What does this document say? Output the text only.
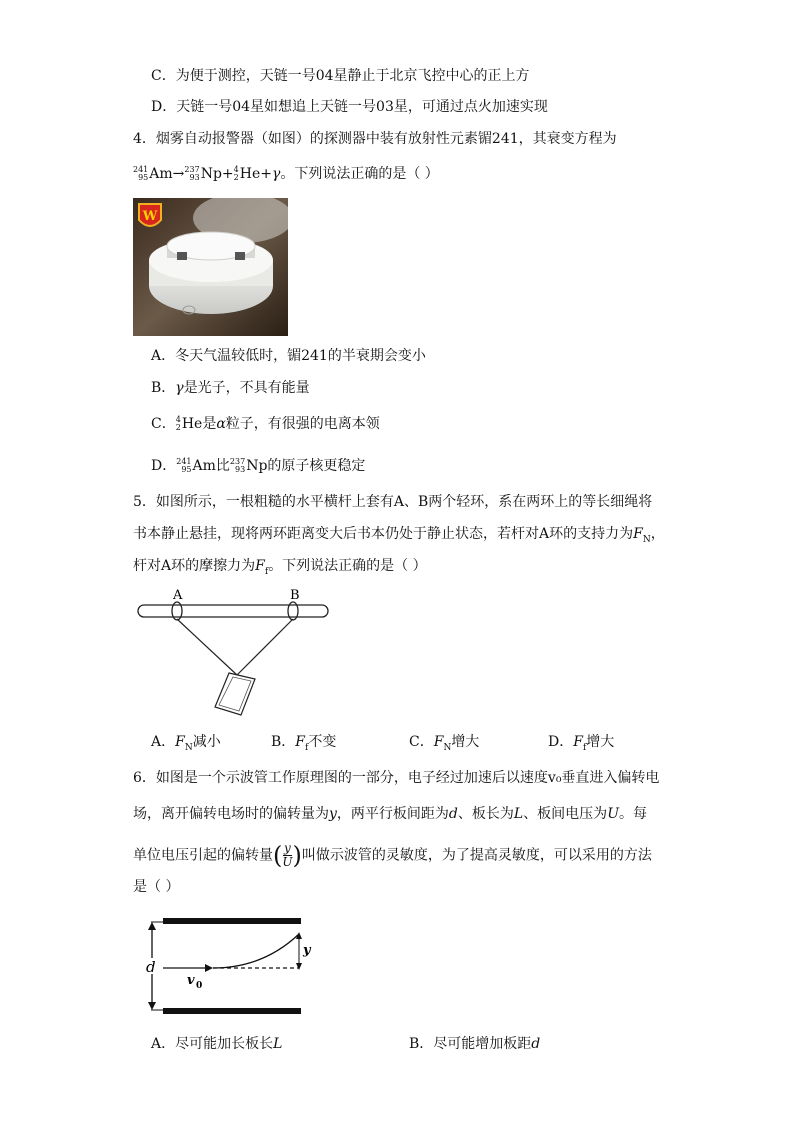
C．为便于测控，天链一号04星静止于北京飞控中心的正上方
D．天链一号04星如想追上天链一号03星，可通过点火加速实现
4．烟雾自动报警器（如图）的探测器中装有放射性元素镅241，其衰变方程为
241
95 Am→ 237
93 Np+ 4
2 He+γ。下列说法正确的是（ ）
W
A．冬天气温较低时，镅241的半衰期会变小
B．γ是光子，不具有能量
C． 4
2 He是α粒子，有很强的电离本领
D． 241
95 Am比 237
93 Np的原子核更稳定
5．如图所示，一根粗糙的水平横杆上套有A、B两个轻环，系在两环上的等长细绳将
书本静止悬挂，现将两环距离变大后书本仍处于静止状态，若杆对A环的支持力为$F_N$，
杆对A环的摩擦力为$F_f$。下列说法正确的是（ ）
A	B
A．$F_N$减小	B．$F_f$不变	C．$F_N$增大	D．$F_f$增大
6．如图是一个示波管工作原理图的一部分，电子经过加速后以速度v₀垂直进入偏转电
场，离开偏转电场时的偏转量为y，两平行板间距为d、板长为L、板间电压为U。每
单位电压引起的偏转量( $\frac{y}{U}$ )叫做示波管的灵敏度，为了提高灵敏度，可以采用的方法
是（ ）
d
v 0
y
A．尽可能加长板长L	B．尽可能增加板距d
